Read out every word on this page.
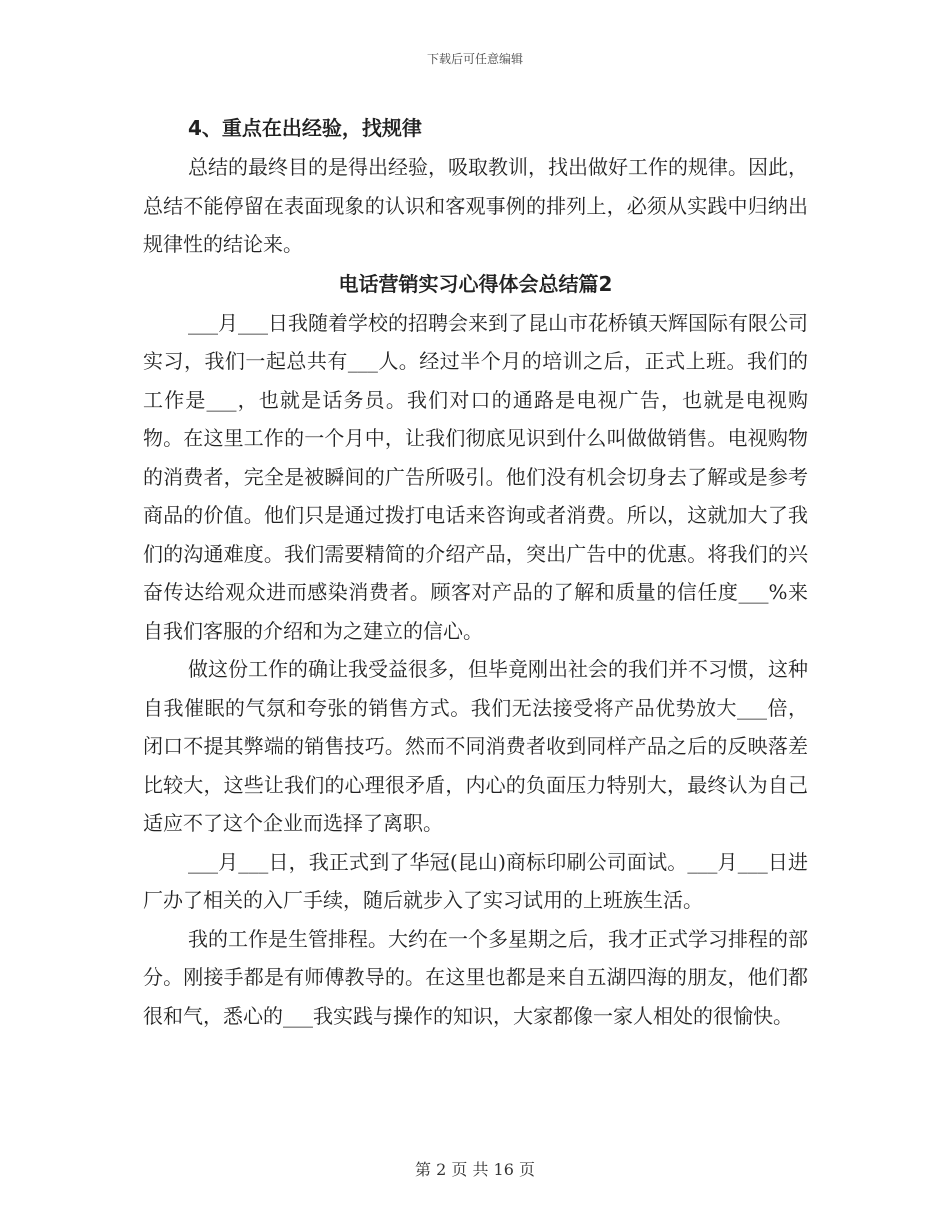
下载后可任意编辑
4、重点在出经验，找规律

总结的最终目的是得出经验，吸取教训，找出做好工作的规律。因此，总结不能停留在表面现象的认识和客观事例的排列上，必须从实践中归纳出规律性的结论来。

电话营销实习心得体会总结篇2

___月___日我随着学校的招聘会来到了昆山市花桥镇天辉国际有限公司实习，我们一起总共有___人。经过半个月的培训之后，正式上班。我们的工作是___，也就是话务员。我们对口的通路是电视广告，也就是电视购物。在这里工作的一个月中，让我们彻底见识到什么叫做做销售。电视购物的消费者，完全是被瞬间的广告所吸引。他们没有机会切身去了解或是参考商品的价值。他们只是通过拨打电话来咨询或者消费。所以，这就加大了我们的沟通难度。我们需要精简的介绍产品，突出广告中的优惠。将我们的兴奋传达给观众进而感染消费者。顾客对产品的了解和质量的信任度___%来自我们客服的介绍和为之建立的信心。

做这份工作的确让我受益很多，但毕竟刚出社会的我们并不习惯，这种自我催眠的气氛和夸张的销售方式。我们无法接受将产品优势放大___倍，闭口不提其弊端的销售技巧。然而不同消费者收到同样产品之后的反映落差比较大，这些让我们的心理很矛盾，内心的负面压力特别大，最终认为自己适应不了这个企业而选择了离职。

___月___日，我正式到了华冠(昆山)商标印刷公司面试。___月___日进厂办了相关的入厂手续，随后就步入了实习试用的上班族生活。

我的工作是生管排程。大约在一个多星期之后，我才正式学习排程的部分。刚接手都是有师傅教导的。在这里也都是来自五湖四海的朋友，他们都很和气，悉心的___我实践与操作的知识，大家都像一家人相处的很愉快。

第 2 页 共 16 页
